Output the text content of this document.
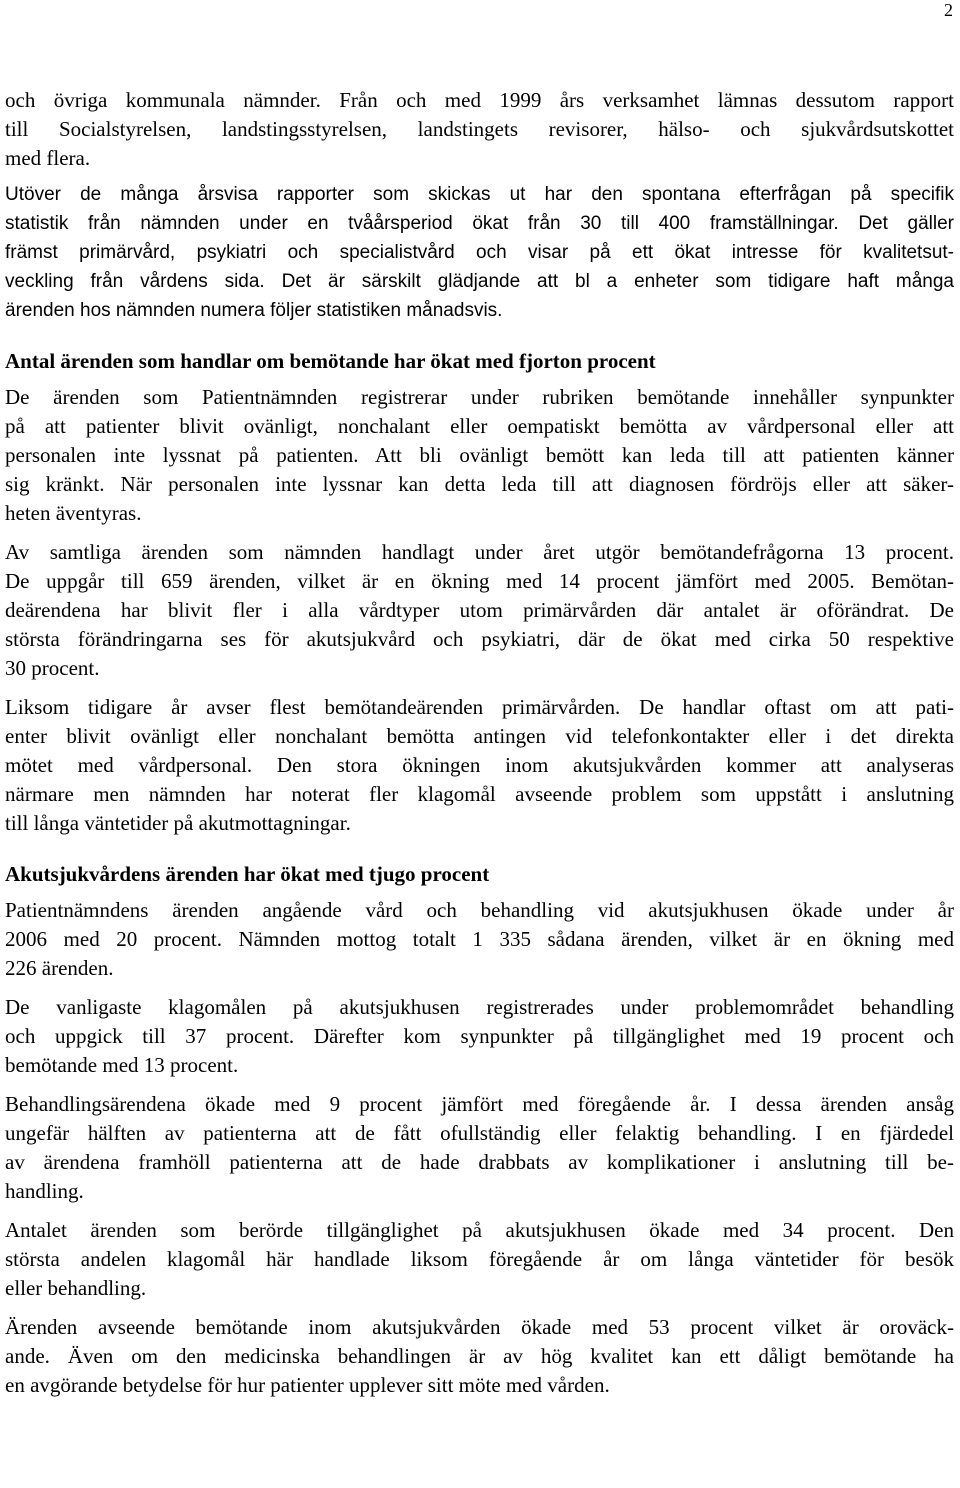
2
och övriga kommunala nämnder. Från och med 1999 års verksamhet lämnas dessutom rapport
till Socialstyrelsen, landstingsstyrelsen, landstingets revisorer, hälso- och sjukvårdsutskottet
med flera.
Utöver de många årsvisa rapporter som skickas ut har den spontana efterfrågan på specifik
statistik från nämnden under en tvåårsperiod ökat från 30 till 400 framställningar. Det gäller
främst primärvård, psykiatri och specialistvård och visar på ett ökat intresse för kvalitetsut-
veckling från vårdens sida. Det är särskilt glädjande att bl a enheter som tidigare haft många
ärenden hos nämnden numera följer statistiken månadsvis.
Antal ärenden som handlar om bemötande har ökat med fjorton procent
De ärenden som Patientnämnden registrerar under rubriken bemötande innehåller synpunkter
på att patienter blivit ovänligt, nonchalant eller oempatiskt bemötta av vårdpersonal eller att
personalen inte lyssnat på patienten. Att bli ovänligt bemött kan leda till att patienten känner
sig kränkt. När personalen inte lyssnar kan detta leda till att diagnosen fördröjs eller att säker-
heten äventyras.
Av samtliga ärenden som nämnden handlagt under året utgör bemötandefrågorna 13 procent.
De uppgår till 659 ärenden, vilket är en ökning med 14 procent jämfört med 2005. Bemötan-
deärendena har blivit fler i alla vårdtyper utom primärvården där antalet är oförändrat. De
största förändringarna ses för akutsjukvård och psykiatri, där de ökat med cirka 50 respektive
30 procent.
Liksom tidigare år avser flest bemötandeärenden primärvården. De handlar oftast om att pati-
enter blivit ovänligt eller nonchalant bemötta antingen vid telefonkontakter eller i det direkta
mötet med vårdpersonal. Den stora ökningen inom akutsjukvården kommer att analyseras
närmare men nämnden har noterat fler klagomål avseende problem som uppstått i anslutning
till långa väntetider på akutmottagningar.
Akutsjukvårdens ärenden har ökat med tjugo procent
Patientnämndens ärenden angående vård och behandling vid akutsjukhusen ökade under år
2006 med 20 procent. Nämnden mottog totalt 1 335 sådana ärenden, vilket är en ökning med
226 ärenden.
De vanligaste klagomålen på akutsjukhusen registrerades under problemområdet behandling
och uppgick till 37 procent. Därefter kom synpunkter på tillgänglighet med 19 procent och
bemötande med 13 procent.
Behandlingsärendena ökade med 9 procent jämfört med föregående år. I dessa ärenden ansåg
ungefär hälften av patienterna att de fått ofullständig eller felaktig behandling. I en fjärdedel
av ärendena framhöll patienterna att de hade drabbats av komplikationer i anslutning till be-
handling.
Antalet ärenden som berörde tillgänglighet på akutsjukhusen ökade med 34 procent. Den
största andelen klagomål här handlade liksom föregående år om långa väntetider för besök
eller behandling.
Ärenden avseende bemötande inom akutsjukvården ökade med 53 procent vilket är oroväck-
ande. Även om den medicinska behandlingen är av hög kvalitet kan ett dåligt bemötande ha
en avgörande betydelse för hur patienter upplever sitt möte med vården.
